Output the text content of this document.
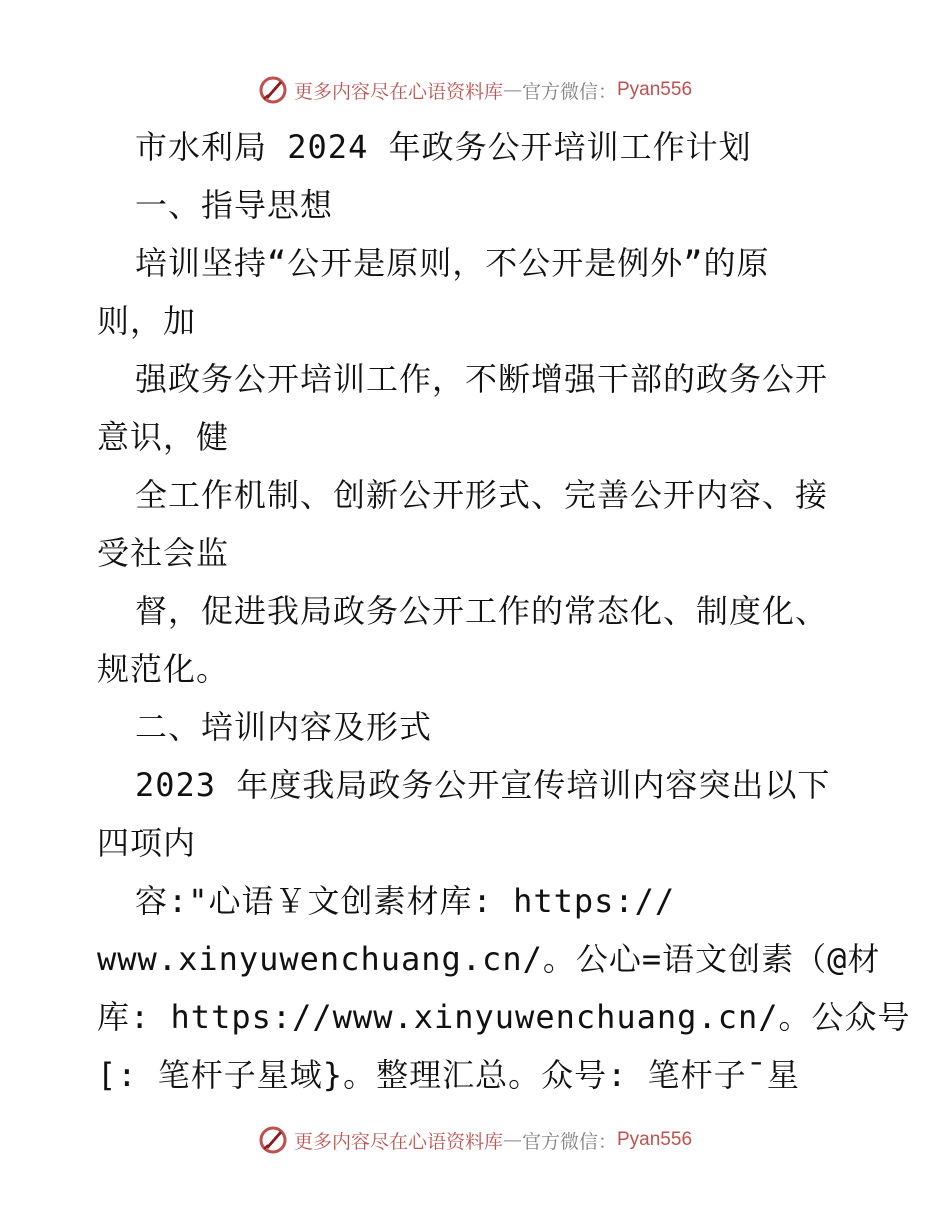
更多内容尽在心语资料库 — 官方微信： Pyan556
市水利局 2024 年政务公开培训工作计划
一、指导思想
培训坚持“公开是原则，不公开是例外”的原
则，加
强政务公开培训工作，不断增强干部的政务公开
意识，健
全工作机制、创新公开形式、完善公开内容、接
受社会监
督，促进我局政务公开工作的常态化、制度化、
规范化。
二、培训内容及形式
2023 年度我局政务公开宣传培训内容突出以下
四项内
容:"心语￥文创素材库: https://
www.xinyuwenchuang.cn/。公心=语文创素（@材
库: https://www.xinyuwenchuang.cn/。公众号
[: 笔杆子星域}。整理汇总。众号: 笔杆子¯星
更多内容尽在心语资料库 — 官方微信： Pyan556
